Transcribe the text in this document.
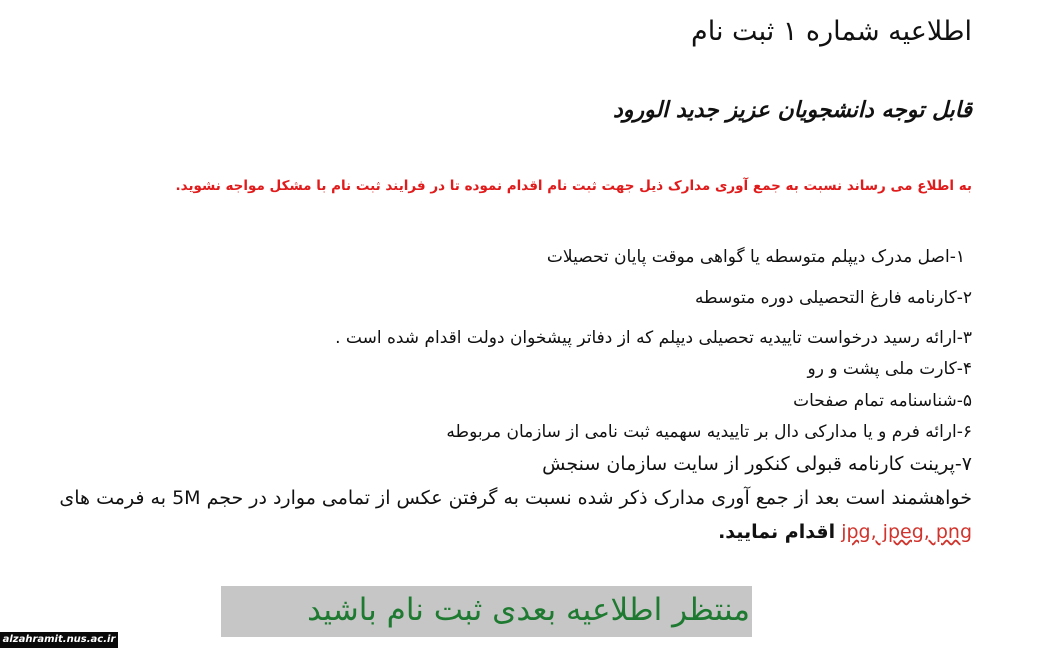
اطلاعیه شماره ۱ ثبت نام
قابل توجه دانشجویان عزیز جدید الورود
به اطلاع می رساند نسبت به جمع آوری مدارک ذیل جهت ثبت نام اقدام نموده تا در فرایند ثبت نام با مشکل مواجه نشوید.
۱-اصل مدرک دیپلم متوسطه یا گواهی موقت پایان تحصیلات
۲-کارنامه فارغ التحصیلی دوره متوسطه
۳-ارائه رسید درخواست تاییدیه تحصیلی دیپلم که از دفاتر پیشخوان دولت اقدام شده است .
۴-کارت ملی پشت و رو
۵-شناسنامه تمام صفحات
۶-ارائه فرم و یا مدارکی دال بر تاییدیه سهمیه ثبت نامی از سازمان مربوطه
۷-پرینت کارنامه قبولی کنکور از سایت سازمان سنجش

خواهشمند است بعد از جمع آوری مدارک ذکر شده نسبت به گرفتن عکس از تمامی موارد در حجم 5M به فرمت های jpg, jpeg, png اقدام نمایید.

منتظر اطلاعیه بعدی ثبت نام باشید
alzahramit.nus.ac.ir
